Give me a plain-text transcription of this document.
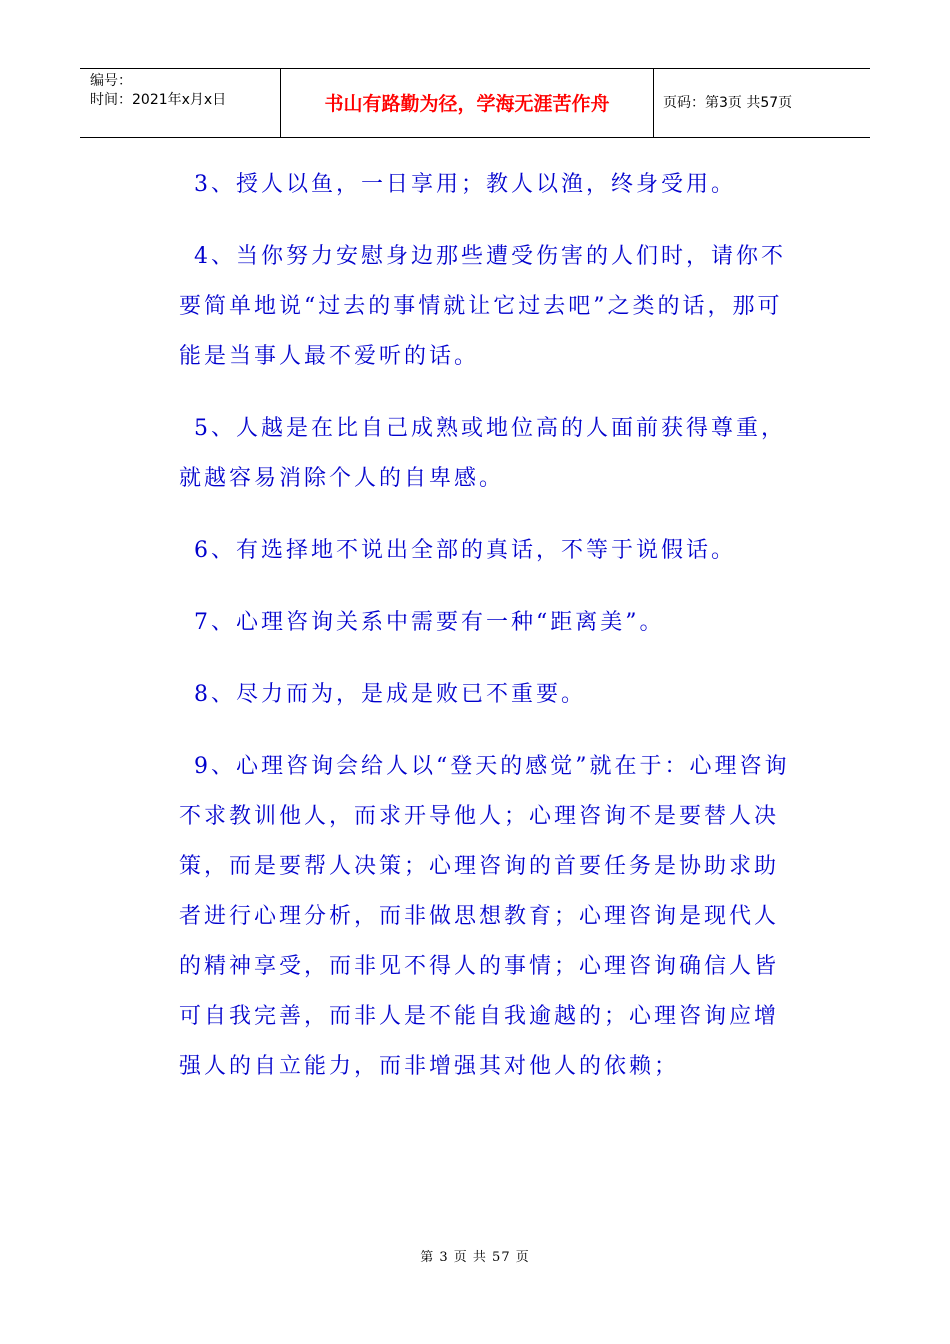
编号：
时间：2021年x月x日	书山有路勤为径，学海无涯苦作舟	页码：第3页 共57页

3、授人以鱼，一日享用；教人以渔，终身受用。

4、当你努力安慰身边那些遭受伤害的人们时，请你不要简单地说“过去的事情就让它过去吧”之类的话，那可能是当事人最不爱听的话。

5、人越是在比自己成熟或地位高的人面前获得尊重，就越容易消除个人的自卑感。

6、有选择地不说出全部的真话，不等于说假话。

7、心理咨询关系中需要有一种“距离美”。

8、尽力而为，是成是败已不重要。

9、心理咨询会给人以“登天的感觉”就在于：心理咨询不求教训他人，而求开导他人；心理咨询不是要替人决策，而是要帮人决策；心理咨询的首要任务是协助求助者进行心理分析，而非做思想教育；心理咨询是现代人的精神享受，而非见不得人的事情；心理咨询确信人皆可自我完善，而非人是不能自我逾越的；心理咨询应增强人的自立能力，而非增强其对他人的依赖；

第 3 页 共 57 页
